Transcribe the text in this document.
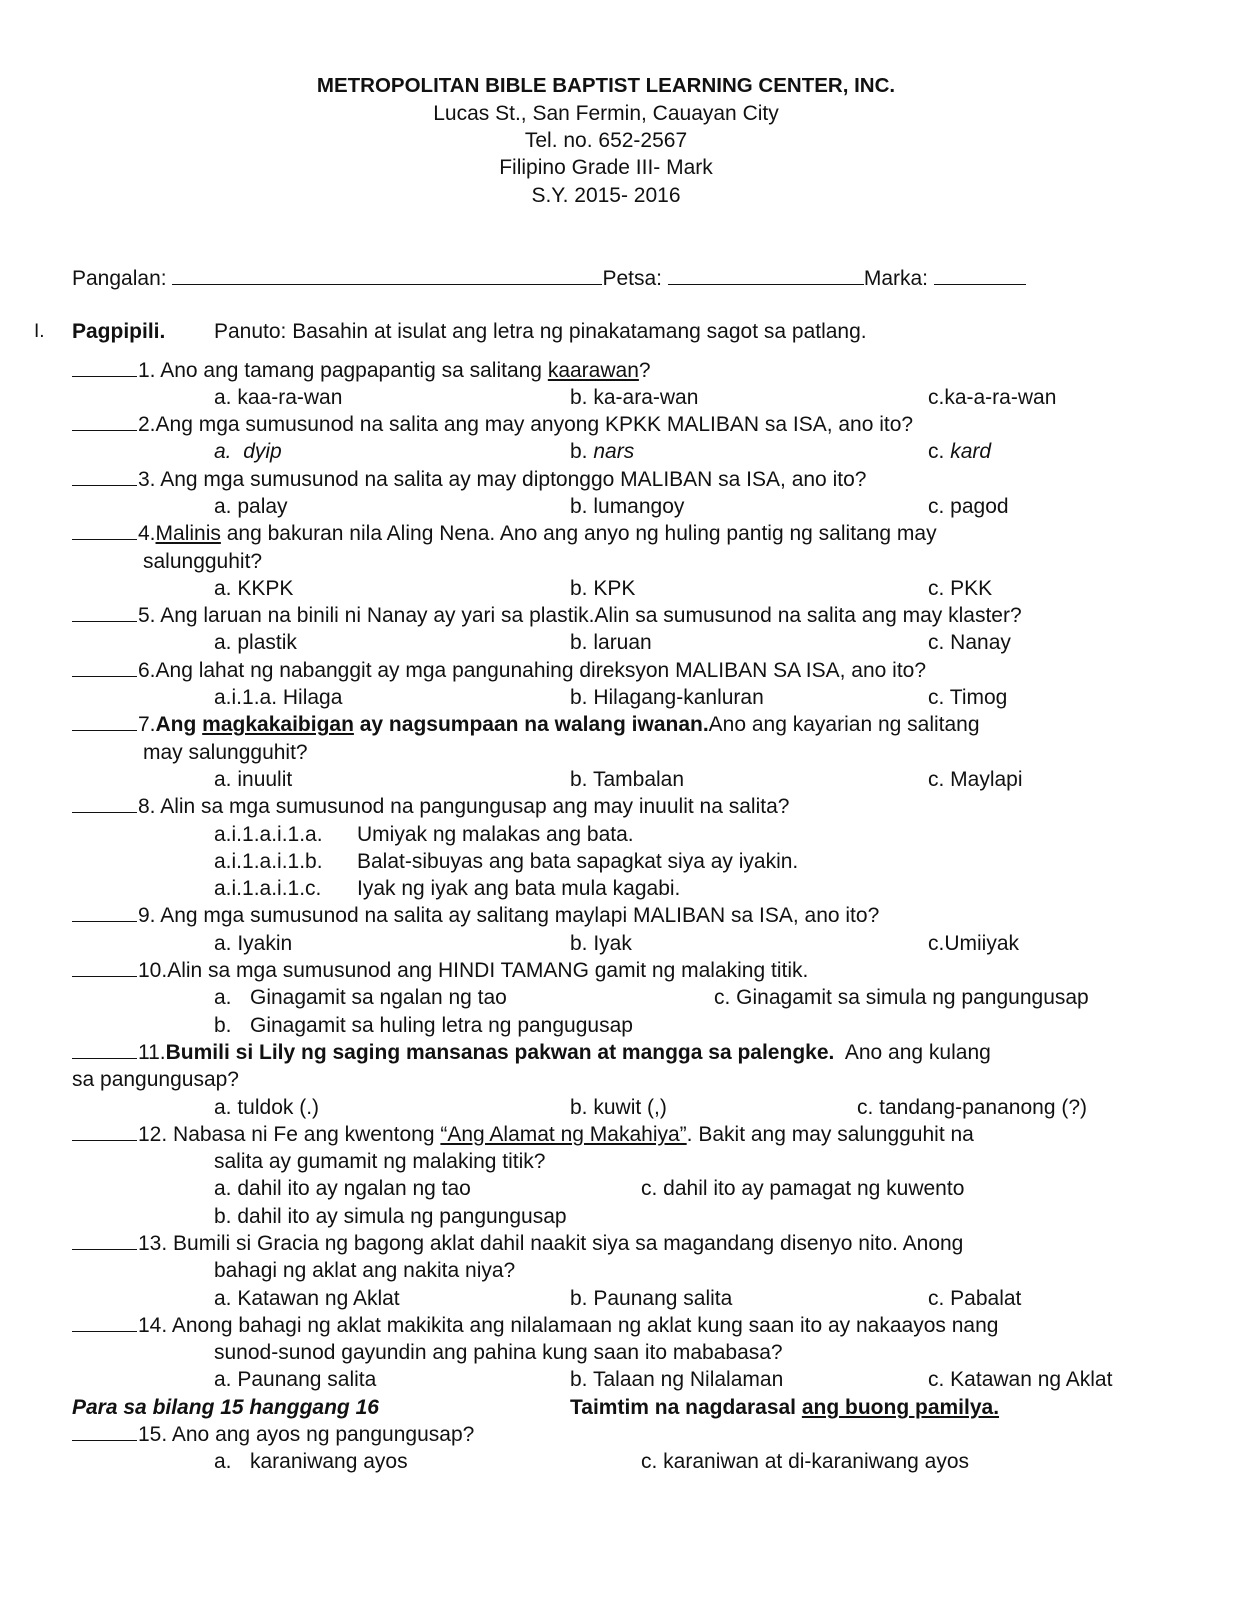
METROPOLITAN BIBLE BAPTIST LEARNING CENTER, INC.
Lucas St., San Fermin, Cauayan City
Tel. no. 652-2567
Filipino Grade III- Mark
S.Y. 2015- 2016
Pangalan:	Petsa:	Marka:
I. Pagpipili. Panuto: Basahin at isulat ang letra ng pinakatamang sagot sa patlang.
1. Ano ang tamang pagpapantig sa salitang kaarawan?
a. kaa-ra-wan	b. ka-ara-wan	c.ka-a-ra-wan
2.Ang mga sumusunod na salita ang may anyong KPKK MALIBAN sa ISA, ano ito?
a. dyip	b. nars	c. kard
3. Ang mga sumusunod na salita ay may diptonggo MALIBAN sa ISA, ano ito?
a. palay	b. lumangoy	c. pagod
4.Malinis ang bakuran nila Aling Nena. Ano ang anyo ng huling pantig ng salitang may
salungguhit?
a. KKPK	b. KPK	c. PKK
5. Ang laruan na binili ni Nanay ay yari sa plastik.Alin sa sumusunod na salita ang may klaster?
a. plastik	b. laruan	c. Nanay
6.Ang lahat ng nabanggit ay mga pangunahing direksyon MALIBAN SA ISA, ano ito?
a.i.1.a. Hilaga	b. Hilagang-kanluran	c. Timog
7.Ang magkakaibigan ay nagsumpaan na walang iwanan.Ano ang kayarian ng salitang
may salungguhit?
a. inuulit	b. Tambalan	c. Maylapi
8. Alin sa mga sumusunod na pangungusap ang may inuulit na salita?
a.i.1.a.i.1.a. Umiyak ng malakas ang bata.
a.i.1.a.i.1.b. Balat-sibuyas ang bata sapagkat siya ay iyakin.
a.i.1.a.i.1.c. Iyak ng iyak ang bata mula kagabi.
9. Ang mga sumusunod na salita ay salitang maylapi MALIBAN sa ISA, ano ito?
a. Iyakin	b. Iyak	c.Umiiyak
10.Alin sa mga sumusunod ang HINDI TAMANG gamit ng malaking titik.
a. Ginagamit sa ngalan ng tao	c. Ginagamit sa simula ng pangungusap
b. Ginagamit sa huling letra ng pangugusap
11.Bumili si Lily ng saging mansanas pakwan at mangga sa palengke.  Ano ang kulang
sa pangungusap?
a. tuldok (.)	b. kuwit (,)	c. tandang-pananong (?)
12. Nabasa ni Fe ang kwentong “Ang Alamat ng Makahiya”. Bakit ang may salungguhit na
salita ay gumamit ng malaking titik?
a. dahil ito ay ngalan ng tao	c. dahil ito ay pamagat ng kuwento
b. dahil ito ay simula ng pangungusap
13. Bumili si Gracia ng bagong aklat dahil naakit siya sa magandang disenyo nito. Anong
bahagi ng aklat ang nakita niya?
a. Katawan ng Aklat	b. Paunang salita	c. Pabalat
14. Anong bahagi ng aklat makikita ang nilalamaan ng aklat kung saan ito ay nakaayos nang
sunod-sunod gayundin ang pahina kung saan ito mababasa?
a. Paunang salita	b. Talaan ng Nilalaman	c. Katawan ng Aklat
Para sa bilang 15 hanggang 16	Taimtim na nagdarasal ang buong pamilya.
15. Ano ang ayos ng pangungusap?
a. karaniwang ayos	c. karaniwan at di-karaniwang ayos
